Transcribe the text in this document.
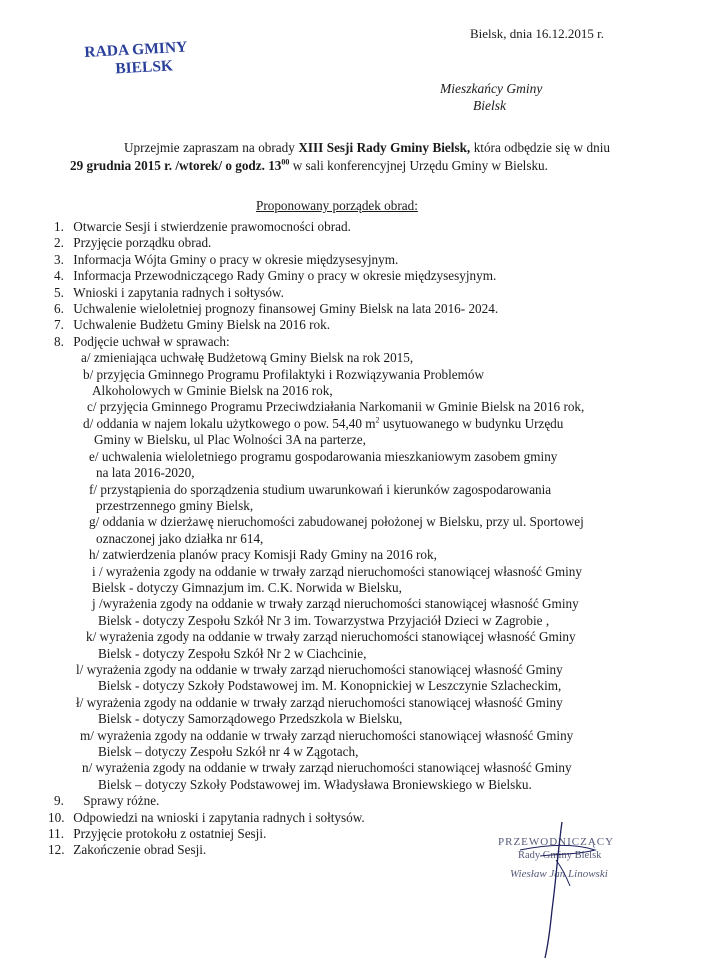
Bielsk, dnia 16.12.2015 r.
RADA GMINY
BIELSK
Mieszkańcy Gminy
Bielsk
Uprzejmie zapraszam na obrady XIII Sesji Rady Gminy Bielsk, która odbędzie się w dniu 29 grudnia 2015 r. /wtorek/ o godz. $13^{00}$ w sali konferencyjnej Urzędu Gminy w Bielsku.
Proponowany porządek obrad:
1. Otwarcie Sesji i stwierdzenie prawomocności obrad.
2. Przyjęcie porządku obrad.
3. Informacja Wójta Gminy o pracy w okresie międzysesyjnym.
4. Informacja Przewodniczącego Rady Gminy o pracy w okresie międzysesyjnym.
5. Wnioski i zapytania radnych i sołtysów.
6. Uchwalenie wieloletniej prognozy finansowej Gminy Bielsk na lata 2016- 2024.
7. Uchwalenie Budżetu Gminy Bielsk na 2016 rok.
8. Podjęcie uchwał w sprawach:
a/ zmieniająca uchwałę Budżetową Gminy Bielsk na rok 2015,
b/ przyjęcia Gminnego Programu Profilaktyki i Rozwiązywania Problemów
Alkoholowych w Gminie Bielsk na 2016 rok,
c/ przyjęcia Gminnego Programu Przeciwdziałania Narkomanii w Gminie Bielsk na 2016 rok,
d/ oddania w najem lokalu użytkowego o pow. 54,40 $m^2$ usytuowanego w budynku Urzędu
Gminy w Bielsku, ul Plac Wolności 3A na parterze,
e/ uchwalenia wieloletniego programu gospodarowania mieszkaniowym zasobem gminy
na lata 2016-2020,
f/ przystąpienia do sporządzenia studium uwarunkowań i kierunków zagospodarowania
przestrzennego gminy Bielsk,
g/ oddania w dzierżawę nieruchomości zabudowanej położonej w Bielsku, przy ul. Sportowej
oznaczonej jako działka nr 614,
h/ zatwierdzenia planów pracy Komisji Rady Gminy na 2016 rok,
i / wyrażenia zgody na oddanie w trwały zarząd nieruchomości stanowiącej własność Gminy
Bielsk - dotyczy Gimnazjum im. C.K. Norwida w Bielsku,
j /wyrażenia zgody na oddanie w trwały zarząd nieruchomości stanowiącej własność Gminy
Bielsk - dotyczy Zespołu Szkół Nr 3 im. Towarzystwa Przyjaciół Dzieci w Zagrobie ,
k/ wyrażenia zgody na oddanie w trwały zarząd nieruchomości stanowiącej własność Gminy
Bielsk - dotyczy Zespołu Szkół Nr 2 w Ciachcinie,
l/ wyrażenia zgody na oddanie w trwały zarząd nieruchomości stanowiącej własność Gminy
Bielsk - dotyczy Szkoły Podstawowej im. M. Konopnickiej w Leszczynie Szlacheckim,
ł/ wyrażenia zgody na oddanie w trwały zarząd nieruchomości stanowiącej własność Gminy
Bielsk - dotyczy Samorządowego Przedszkola w Bielsku,
m/ wyrażenia zgody na oddanie w trwały zarząd nieruchomości stanowiącej własność Gminy
Bielsk – dotyczy Zespołu Szkół nr 4 w Zągotach,
n/ wyrażenia zgody na oddanie w trwały zarząd nieruchomości stanowiącej własność Gminy
Bielsk – dotyczy Szkoły Podstawowej im. Władysława Broniewskiego w Bielsku.
9. Sprawy różne.
10. Odpowiedzi na wnioski i zapytania radnych i sołtysów.
11. Przyjęcie protokołu z ostatniej Sesji.
12. Zakończenie obrad Sesji.
PRZEWODNICZĄCY
Rady Gminy Bielsk
Wiesław Jan Linowski
